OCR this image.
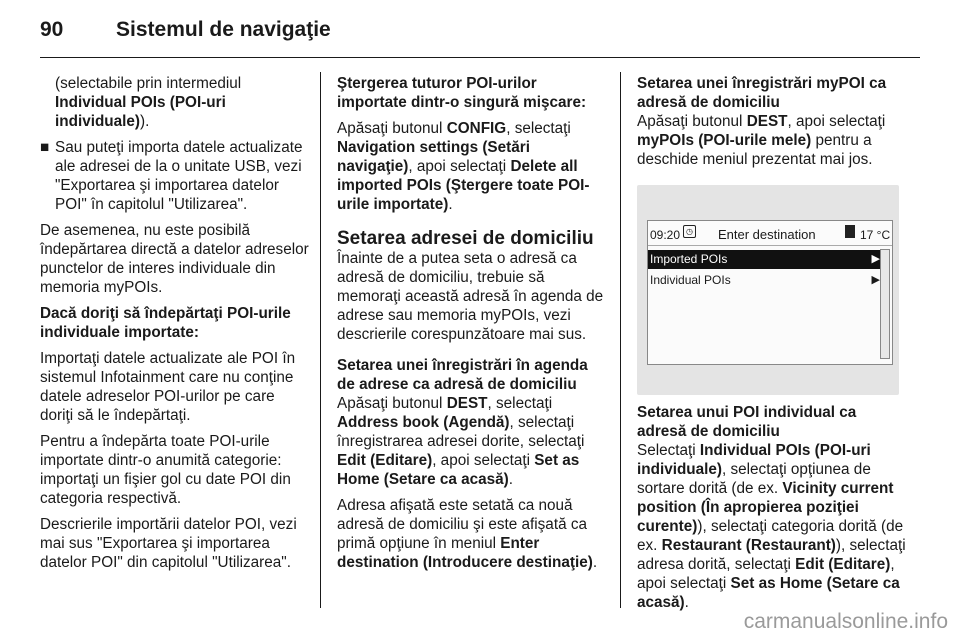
90	Sistemul de navigaţie

(selectabile prin intermediul Individual POIs (POI-uri individuale)).

■ Sau puteţi importa datele actualizate ale adresei de la o unitate USB, vezi "Exportarea şi importarea datelor POI" în capitolul "Utilizarea".

De asemenea, nu este posibilă îndepărtarea directă a datelor adreselor punctelor de interes individuale din memoria myPOIs.

Dacă doriţi să îndepărtaţi POI-urile individuale importate:

Importaţi datele actualizate ale POI în sistemul Infotainment care nu conţine datele adreselor POI-urilor pe care doriţi să le îndepărtaţi.

Pentru a îndepărta toate POI-urile importate dintr-o anumită categorie: importaţi un fişier gol cu date POI din categoria respectivă.

Descrierile importării datelor POI, vezi mai sus "Exportarea şi importarea datelor POI" din capitolul "Utilizarea".

Ştergerea tuturor POI-urilor importate dintr-o singură mişcare:

Apăsaţi butonul CONFIG, selectaţi Navigation settings (Setări navigaţie), apoi selectaţi Delete all imported POIs (Ştergere toate POI-urile importate).

Setarea adresei de domiciliu

Înainte de a putea seta o adresă ca adresă de domiciliu, trebuie să memoraţi această adresă în agenda de adrese sau memoria myPOIs, vezi descrierile corespunzătoare mai sus.

Setarea unei înregistrări în agenda de adrese ca adresă de domiciliu

Apăsaţi butonul DEST, selectaţi Address book (Agendă), selectaţi înregistrarea adresei dorite, selectaţi Edit (Editare), apoi selectaţi Set as Home (Setare ca acasă).

Adresa afişată este setată ca nouă adresă de domiciliu şi este afişată ca primă opţiune în meniul Enter destination (Introducere destinaţie).

Setarea unei înregistrări myPOI ca adresă de domiciliu

Apăsaţi butonul DEST, apoi selectaţi myPOIs (POI-urile mele) pentru a deschide meniul prezentat mai jos.

09:20 ◷ Enter destination	17 °C
Imported POIs	▶
Individual POIs	▶

Setarea unui POI individual ca adresă de domiciliu

Selectaţi Individual POIs (POI-uri individuale), selectaţi opţiunea de sortare dorită (de ex. Vicinity current position (În apropierea poziţiei curente)), selectaţi categoria dorită (de ex. Restaurant (Restaurant)), selectaţi adresa dorită, selectaţi Edit (Editare), apoi selectaţi Set as Home (Setare ca acasă).

carmanualsonline.info
